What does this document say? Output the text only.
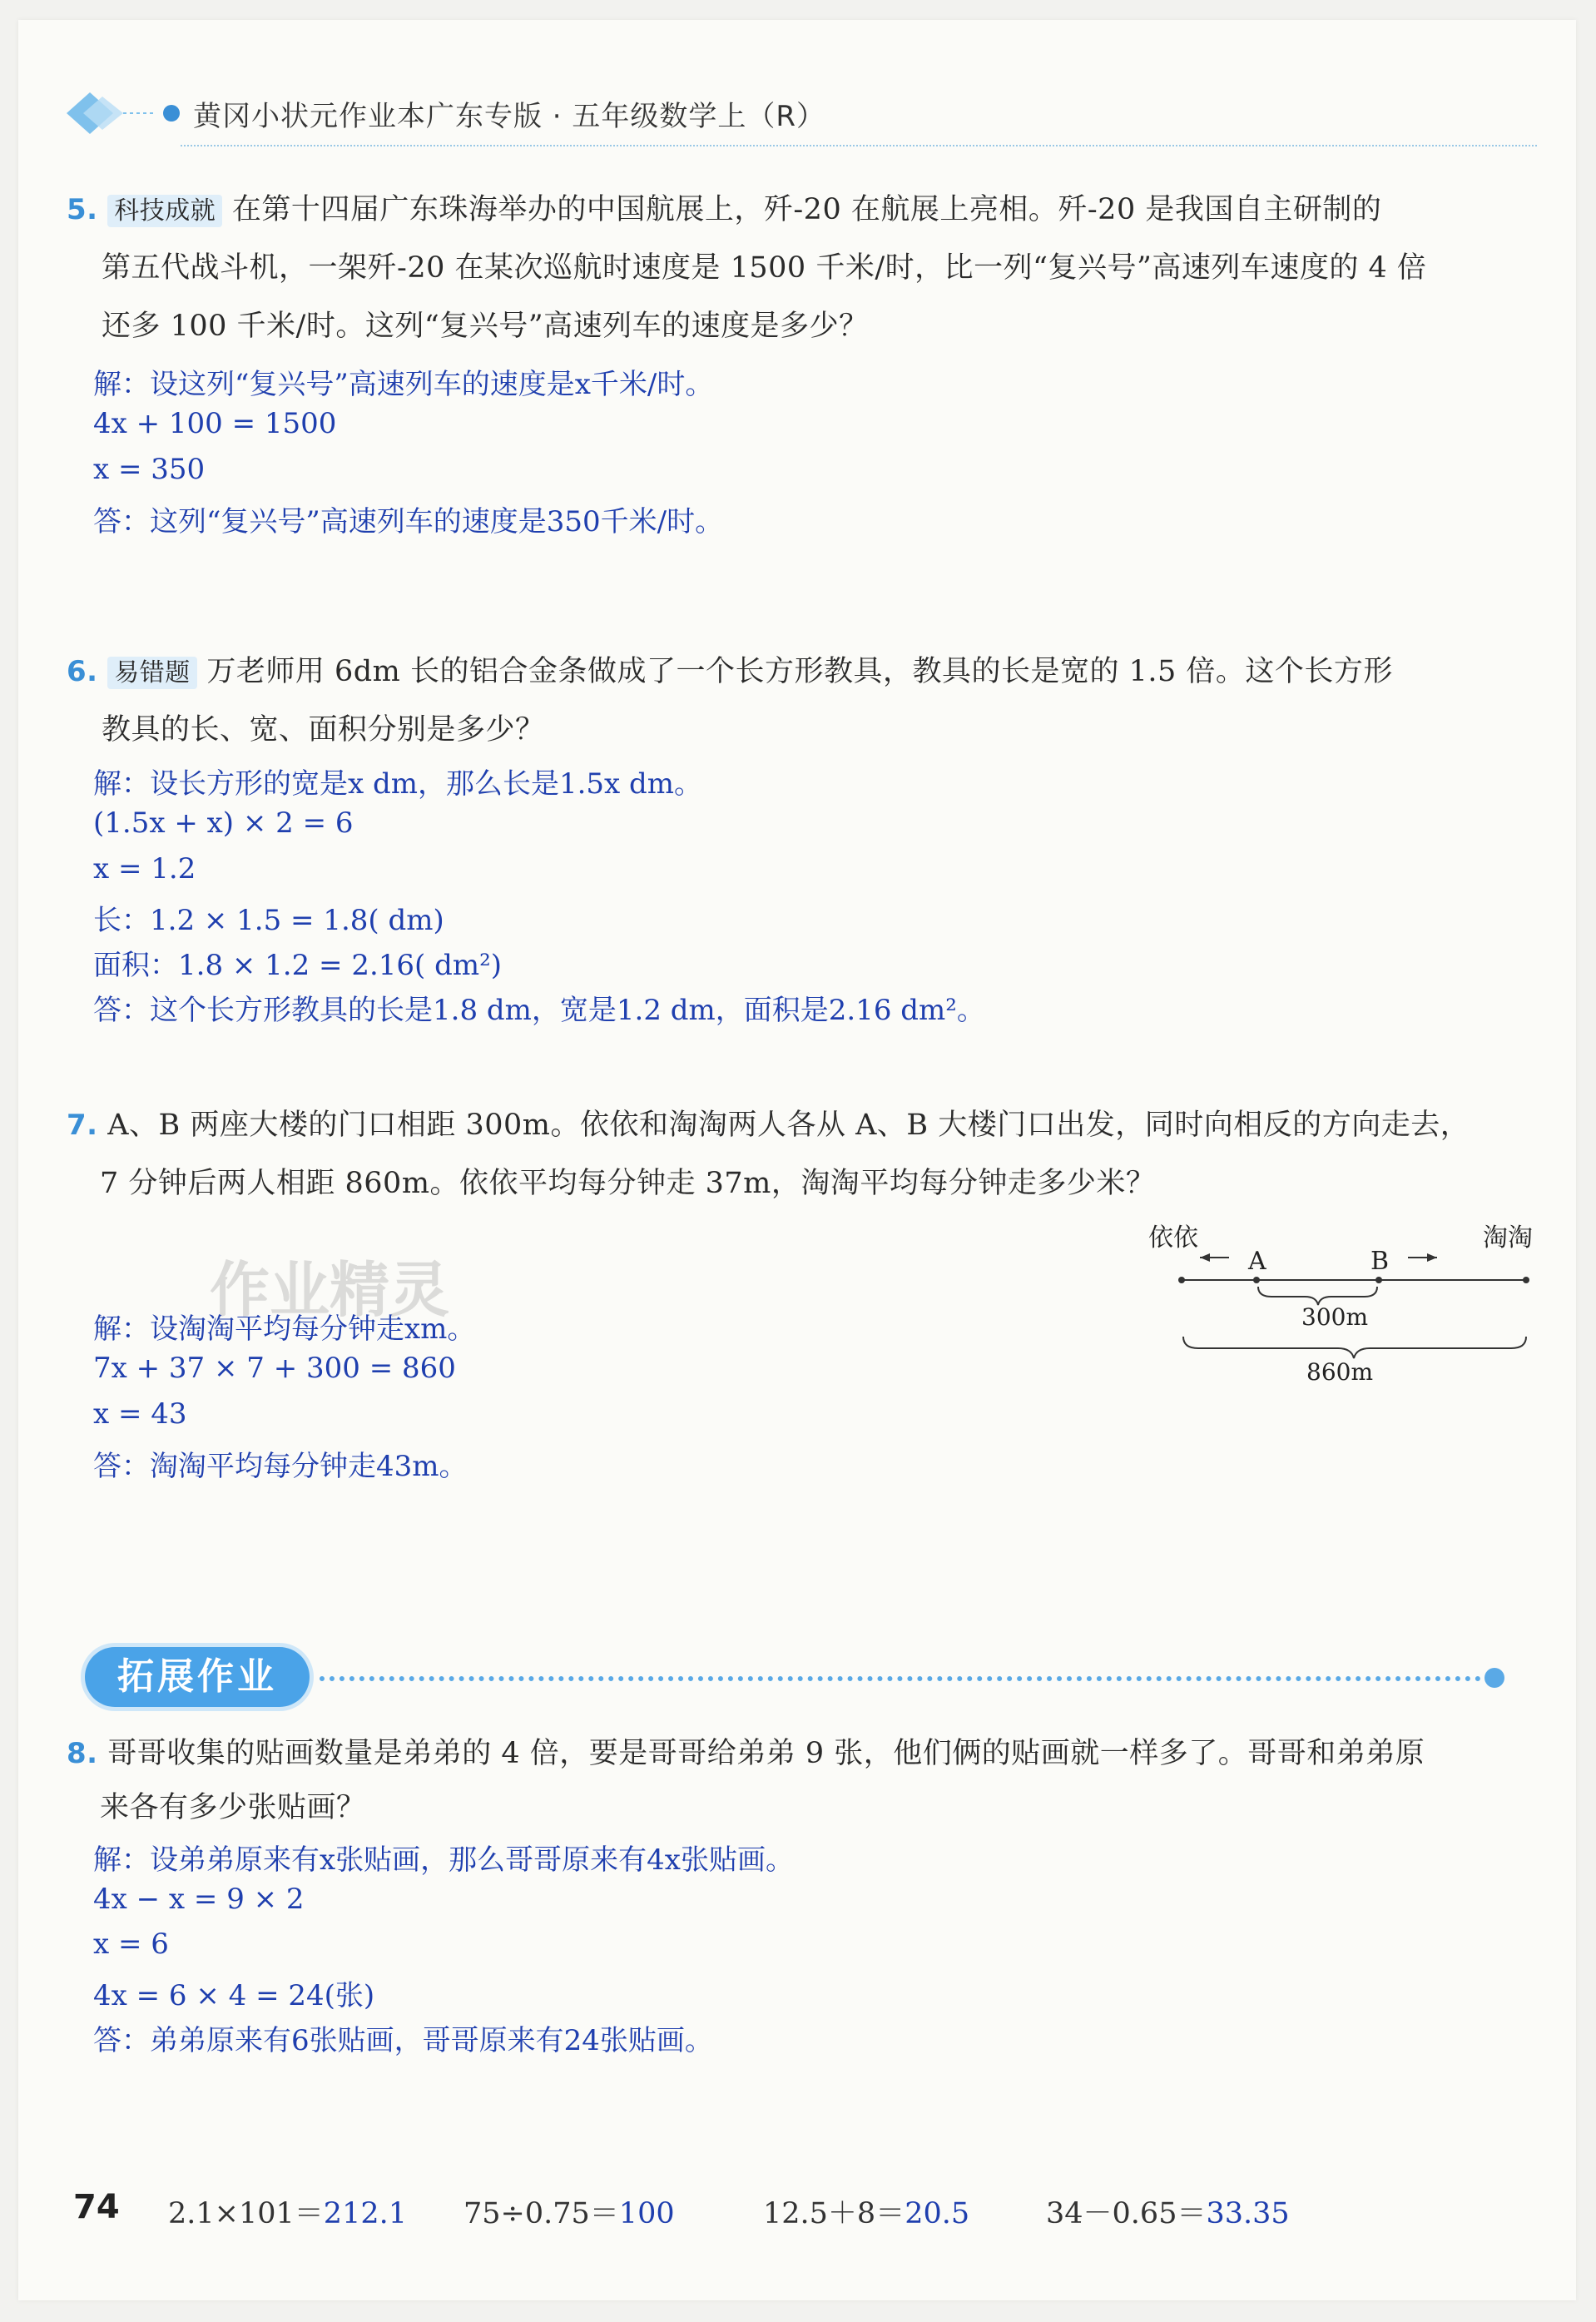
黄冈小状元作业本广东专版 · 五年级数学上（R）
5. 科技成就 在第十四届广东珠海举办的中国航展上，歼-20 在航展上亮相。歼-20 是我国自主研制的
第五代战斗机，一架歼-20 在某次巡航时速度是 1500 千米/时，比一列“复兴号”高速列车速度的 4 倍
还多 100 千米/时。这列“复兴号”高速列车的速度是多少？
解：设这列“复兴号”高速列车的速度是x千米/时。
4x + 100 = 1500
x = 350
答：这列“复兴号”高速列车的速度是350千米/时。
6. 易错题 万老师用 6dm 长的铝合金条做成了一个长方形教具，教具的长是宽的 1.5 倍。这个长方形
教具的长、宽、面积分别是多少？
解：设长方形的宽是x dm，那么长是1.5x dm。
(1.5x + x) × 2 = 6
x = 1.2
长：1.2 × 1.5 = 1.8( dm)
面积：1.8 × 1.2 = 2.16( dm²)
答：这个长方形教具的长是1.8 dm，宽是1.2 dm，面积是2.16 dm²。
7. A、B 两座大楼的门口相距 300m。依依和淘淘两人各从 A、B 大楼门口出发，同时向相反的方向走去，
7 分钟后两人相距 860m。依依平均每分钟走 37m，淘淘平均每分钟走多少米？
依依	淘淘
A	B
300m
860m
作业精灵
解：设淘淘平均每分钟走xm。
7x + 37 × 7 + 300 = 860
x = 43
答：淘淘平均每分钟走43m。
拓展作业
8. 哥哥收集的贴画数量是弟弟的 4 倍，要是哥哥给弟弟 9 张，他们俩的贴画就一样多了。哥哥和弟弟原
来各有多少张贴画？
解：设弟弟原来有x张贴画，那么哥哥原来有4x张贴画。
4x − x = 9 × 2
x = 6
4x = 6 × 4 = 24(张)
答：弟弟原来有6张贴画，哥哥原来有24张贴画。
74 2.1×101＝212.1 75÷0.75＝100	12.5＋8＝20.5	34－0.65＝33.35
